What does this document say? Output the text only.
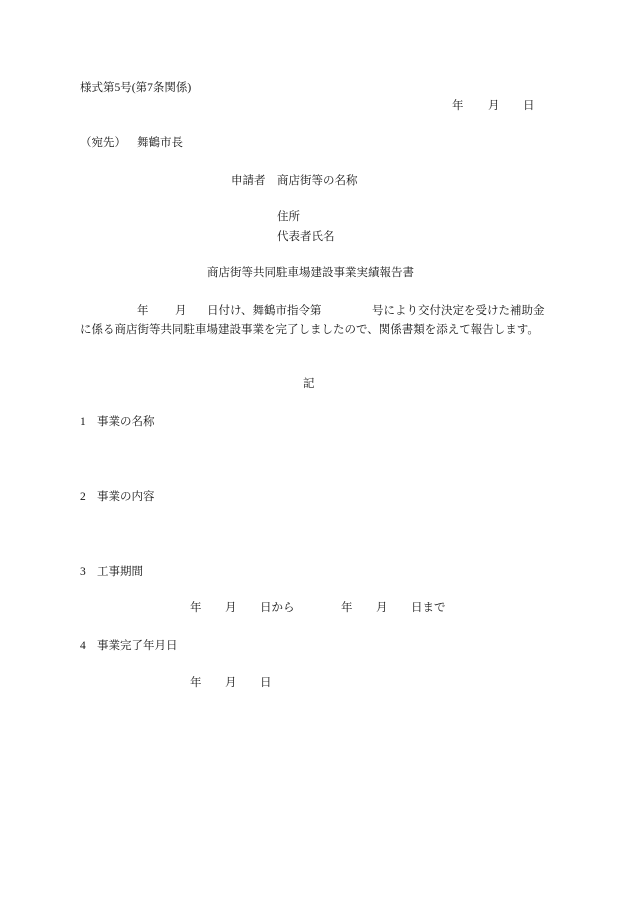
様式第5号(第7条関係)
年 月 日
（宛先） 舞鶴市長
申請者 商店街等の名称
住所
代表者氏名
商店街等共同駐車場建設事業実績報告書
年 月 日付け、舞鶴市指令第	号により交付決定を受けた補助金
に係る商店街等共同駐車場建設事業を完了しましたので、関係書類を添えて報告します。
記
1 事業の名称
2 事業の内容
3 工事期間
年 月 日から	年 月 日まで
4 事業完了年月日
年 月 日
